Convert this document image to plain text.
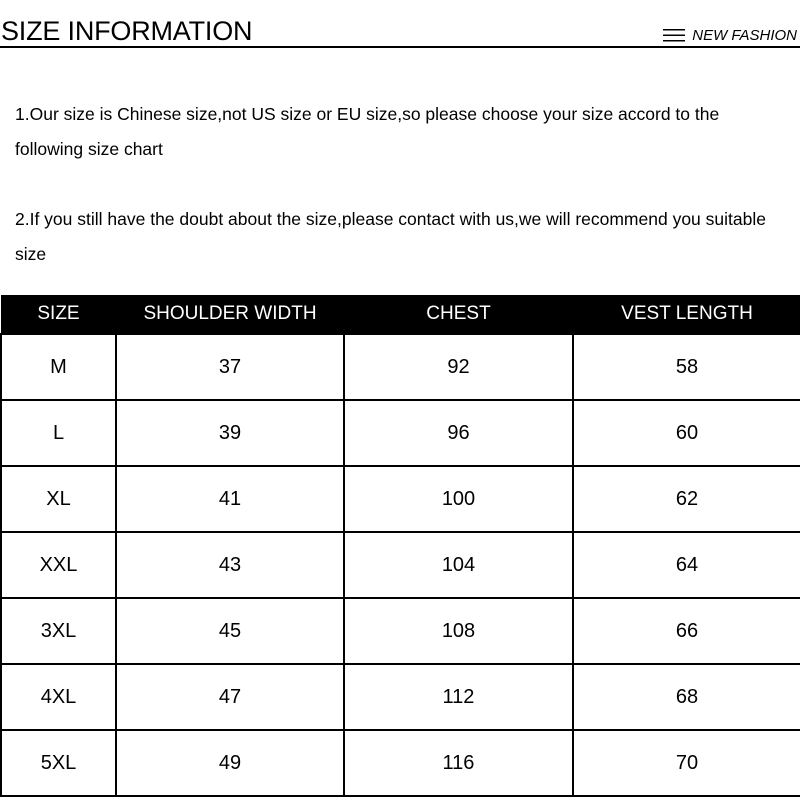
SIZE INFORMATION	NEW FASHION
1.Our size is Chinese size,not US size or EU size,so please choose your size accord to the following size chart
2.If you still have the doubt about the size,please contact with us,we will recommend you suitable size
SIZE	SHOULDER WIDTH	CHEST	VEST LENGTH
M	37	92	58
L	39	96	60
XL	41	100	62
XXL	43	104	64
3XL	45	108	66
4XL	47	112	68
5XL	49	116	70
